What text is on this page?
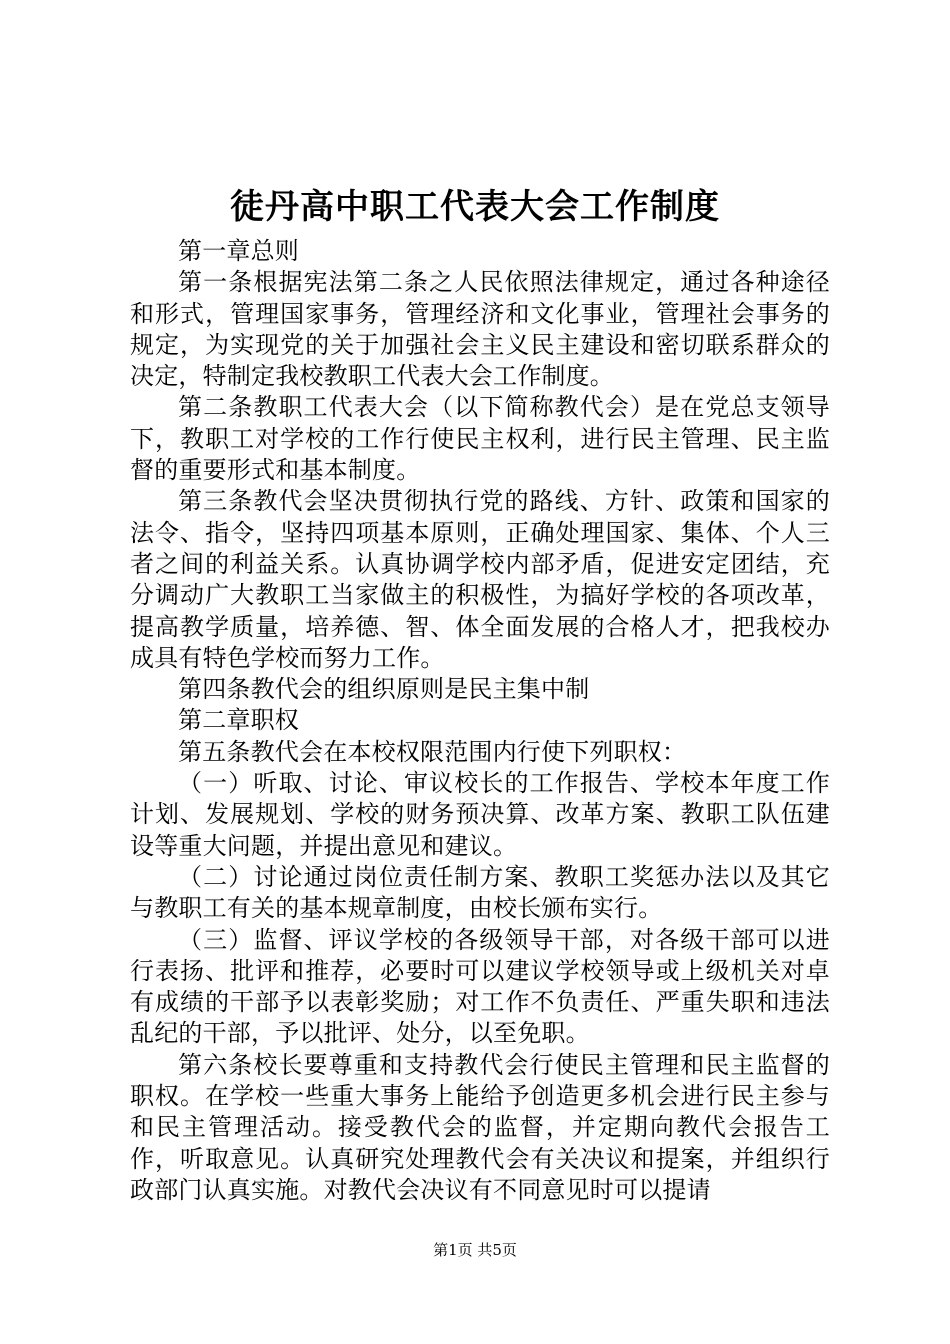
徒丹高中职工代表大会工作制度

第一章总则

第一条根据宪法第二条之人民依照法律规定，通过各种途径和形式，管理国家事务，管理经济和文化事业，管理社会事务的规定，为实现党的关于加强社会主义民主建设和密切联系群众的决定，特制定我校教职工代表大会工作制度。

第二条教职工代表大会（以下简称教代会）是在党总支领导下，教职工对学校的工作行使民主权利，进行民主管理、民主监督的重要形式和基本制度。

第三条教代会坚决贯彻执行党的路线、方针、政策和国家的法令、指令，坚持四项基本原则，正确处理国家、集体、个人三者之间的利益关系。认真协调学校内部矛盾，促进安定团结，充分调动广大教职工当家做主的积极性，为搞好学校的各项改革，提高教学质量，培养德、智、体全面发展的合格人才，把我校办成具有特色学校而努力工作。

第四条教代会的组织原则是民主集中制

第二章职权

第五条教代会在本校权限范围内行使下列职权：

（一）听取、讨论、审议校长的工作报告、学校本年度工作计划、发展规划、学校的财务预决算、改革方案、教职工队伍建设等重大问题，并提出意见和建议。

（二）讨论通过岗位责任制方案、教职工奖惩办法以及其它与教职工有关的基本规章制度，由校长颁布实行。

（三）监督、评议学校的各级领导干部，对各级干部可以进行表扬、批评和推荐，必要时可以建议学校领导或上级机关对卓有成绩的干部予以表彰奖励；对工作不负责任、严重失职和违法乱纪的干部，予以批评、处分，以至免职。

第六条校长要尊重和支持教代会行使民主管理和民主监督的职权。在学校一些重大事务上能给予创造更多机会进行民主参与和民主管理活动。接受教代会的监督，并定期向教代会报告工作，听取意见。认真研究处理教代会有关决议和提案，并组织行政部门认真实施。对教代会决议有不同意见时可以提请

第1页 共5页
